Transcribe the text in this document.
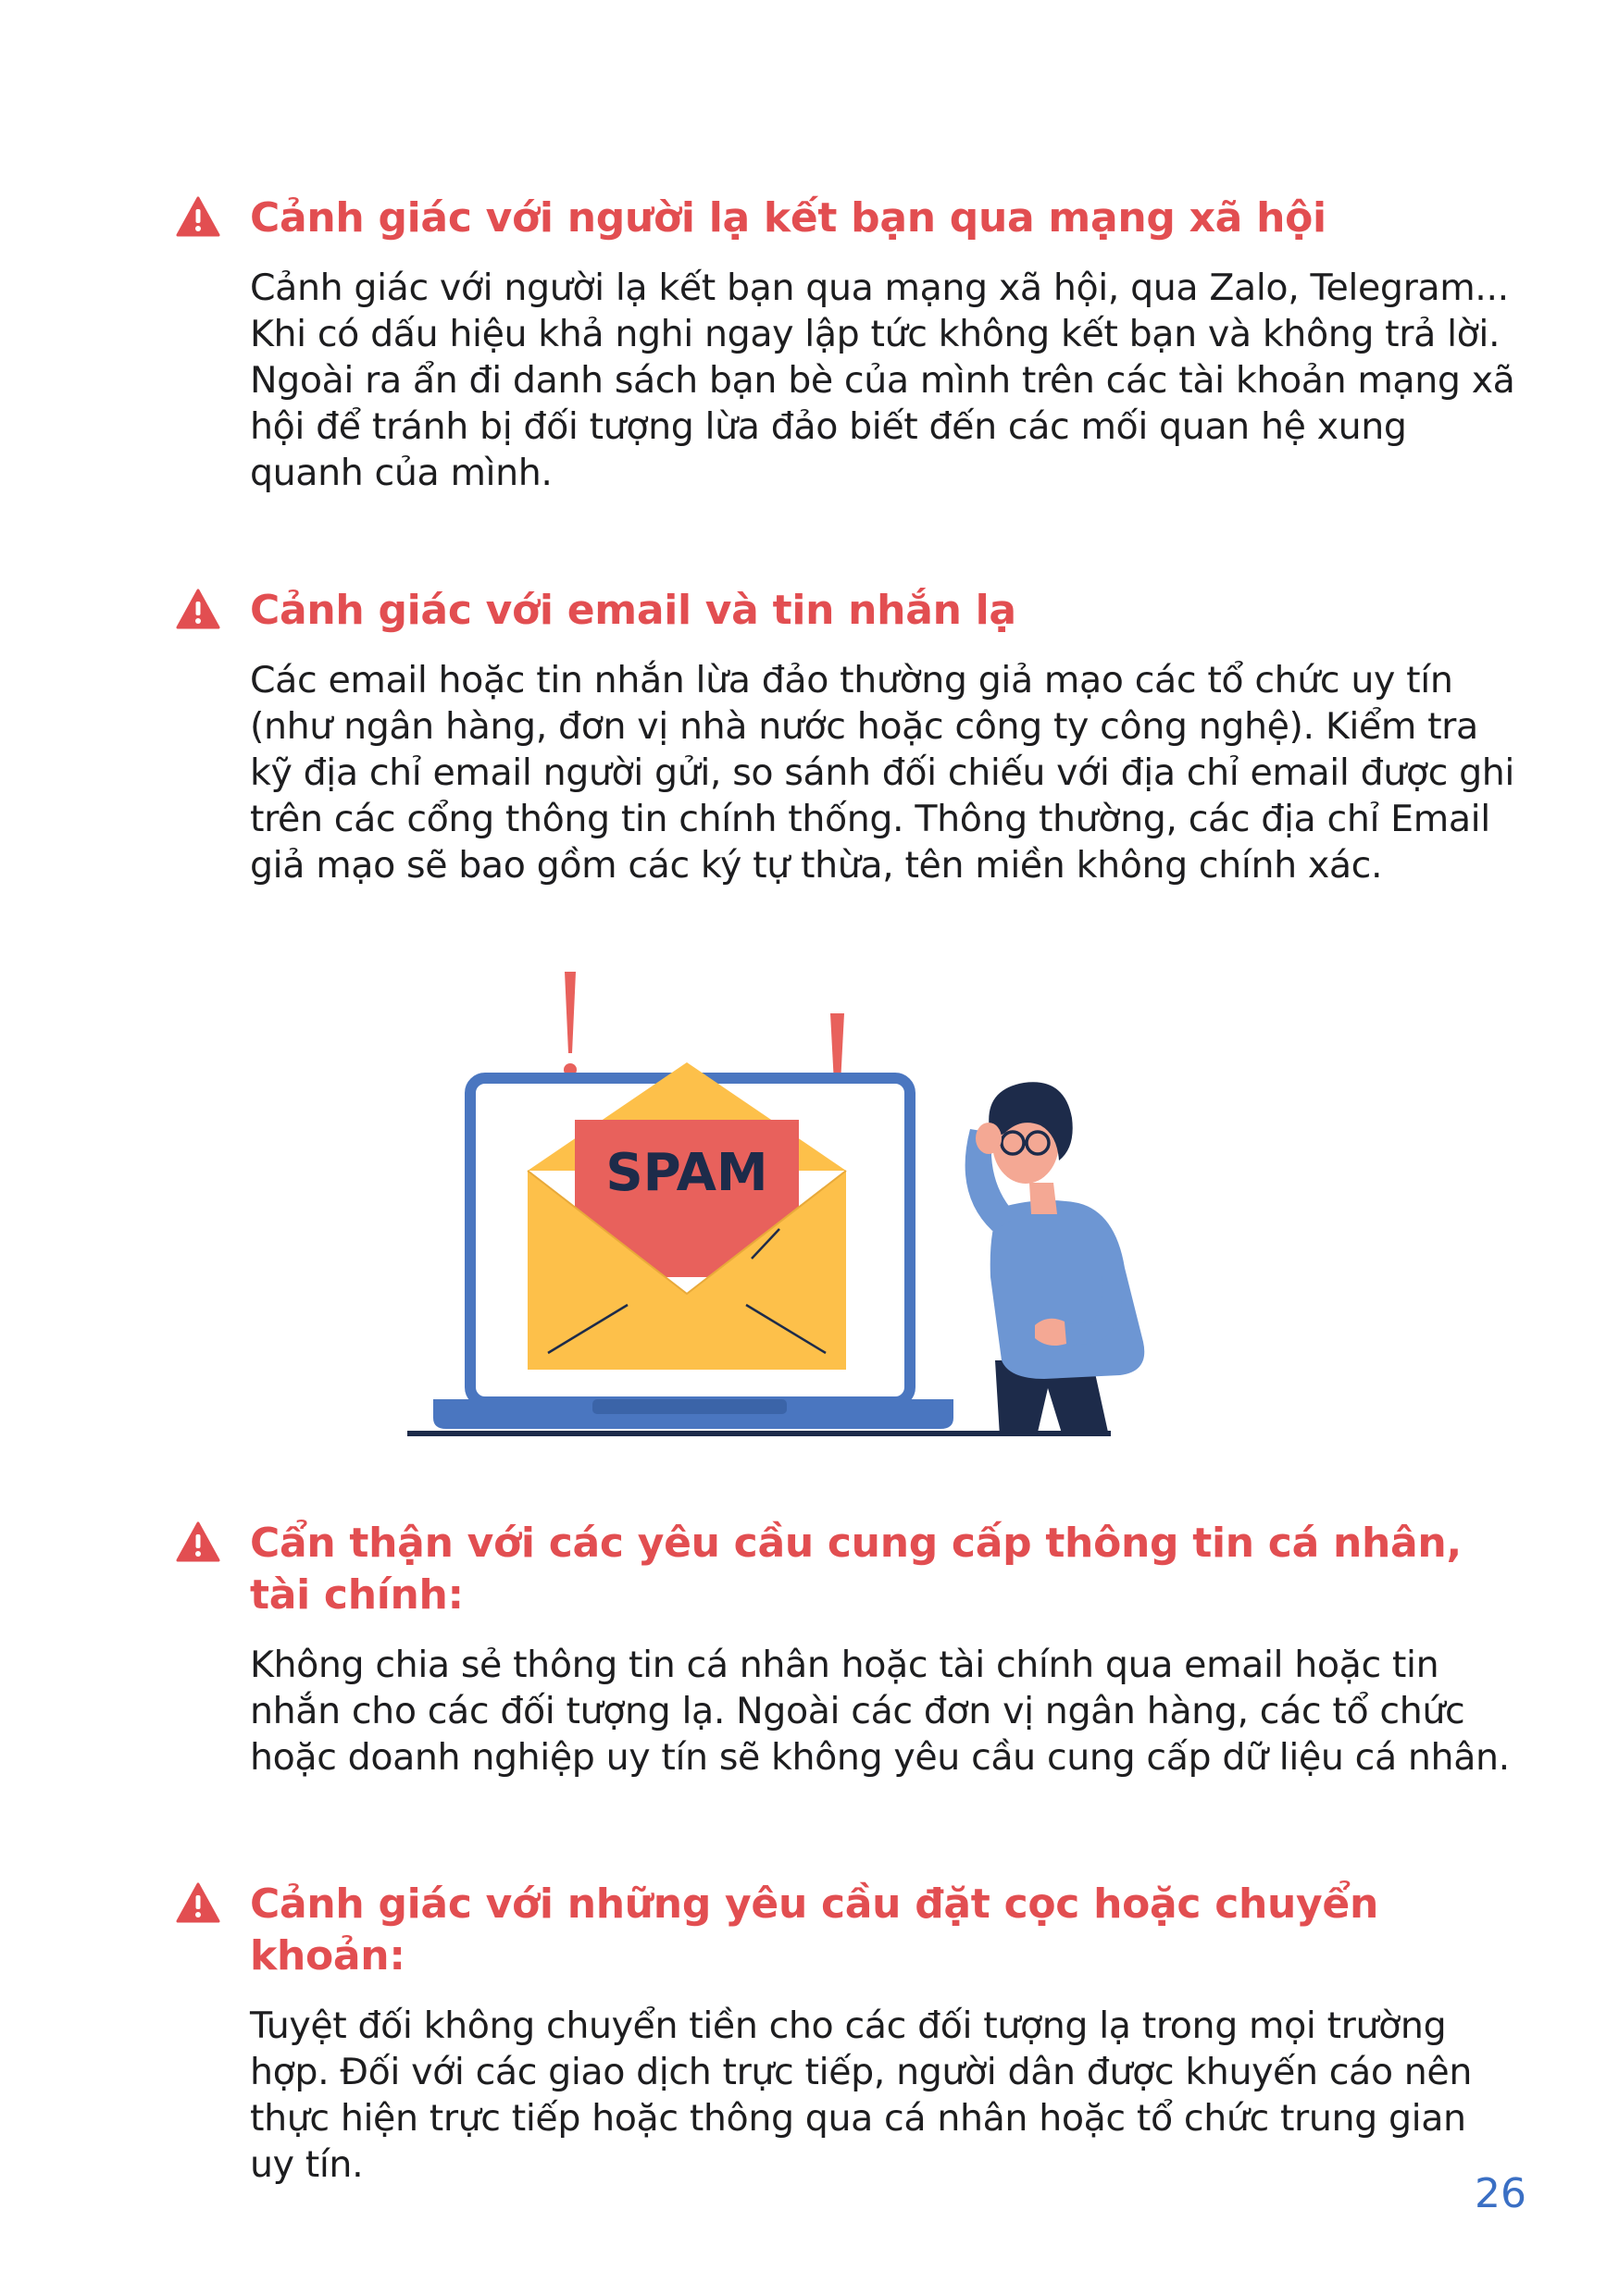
Cảnh giác với người lạ kết bạn qua mạng xã hội
Cảnh giác với người lạ kết bạn qua mạng xã hội, qua Zalo, Telegram... Khi có dấu hiệu khả nghi ngay lập tức không kết bạn và không trả lời. Ngoài ra ẩn đi danh sách bạn bè của mình trên các tài khoản mạng xã hội để tránh bị đối tượng lừa đảo biết đến các mối quan hệ xung quanh của mình.
Cảnh giác với email và tin nhắn lạ
Các email hoặc tin nhắn lừa đảo thường giả mạo các tổ chức uy tín (như ngân hàng, đơn vị nhà nước hoặc công ty công nghệ). Kiểm tra kỹ địa chỉ email người gửi, so sánh đối chiếu với địa chỉ email được ghi trên các cổng thông tin chính thống. Thông thường, các địa chỉ Email giả mạo sẽ bao gồm các ký tự thừa, tên miền không chính xác.
SPAM
Cẩn thận với các yêu cầu cung cấp thông tin cá nhân, tài chính:
Không chia sẻ thông tin cá nhân hoặc tài chính qua email hoặc tin nhắn cho các đối tượng lạ. Ngoài các đơn vị ngân hàng, các tổ chức hoặc doanh nghiệp uy tín sẽ không yêu cầu cung cấp dữ liệu cá nhân.
Cảnh giác với những yêu cầu đặt cọc hoặc chuyển khoản:
Tuyệt đối không chuyển tiền cho các đối tượng lạ trong mọi trường hợp. Đối với các giao dịch trực tiếp, người dân được khuyến cáo nên thực hiện trực tiếp hoặc thông qua cá nhân hoặc tổ chức trung gian uy tín.
26
